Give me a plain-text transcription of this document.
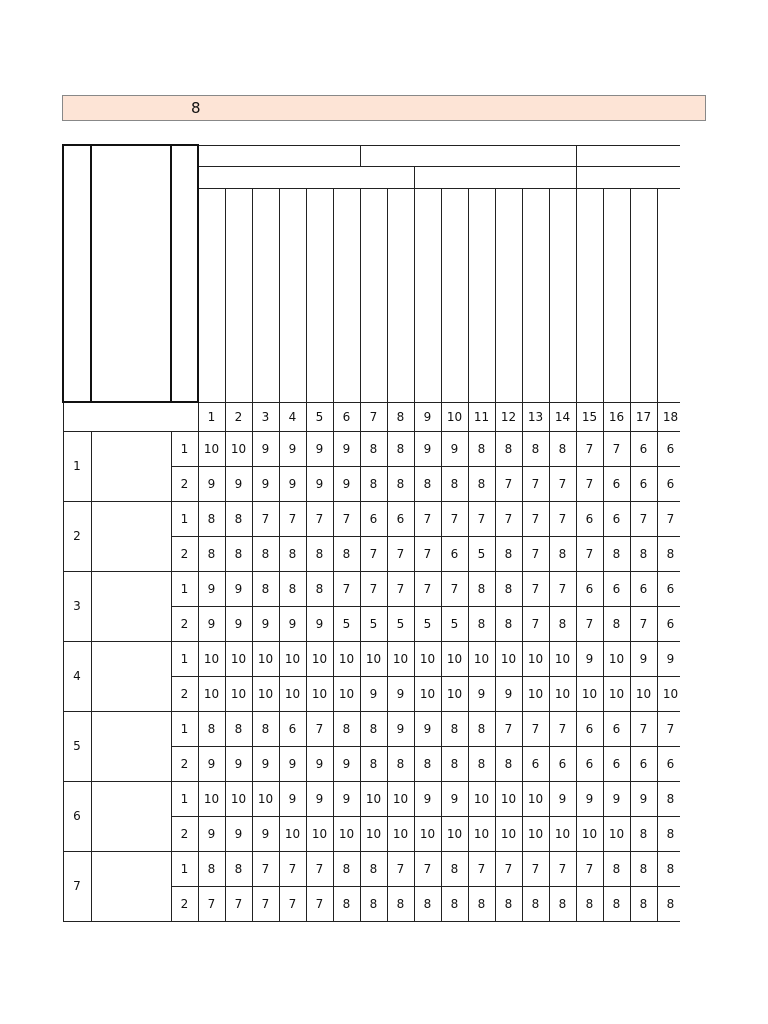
8

			1	2	3	4	5	6	7	8	9	10	11	12	13	14	15	16	17	18
1		1	10	10	9	9	9	9	8	8	9	9	8	8	8	8	7	7	6	6
		2	9	9	9	9	9	9	8	8	8	8	8	7	7	7	7	6	6	6
2		1	8	8	7	7	7	7	6	6	7	7	7	7	7	7	6	6	7	7
		2	8	8	8	8	8	8	7	7	7	6	5	8	7	8	7	8	8	8
3		1	9	9	8	8	8	7	7	7	7	7	8	8	7	7	6	6	6	6
		2	9	9	9	9	9	5	5	5	5	5	8	8	7	8	7	8	7	6
4		1	10	10	10	10	10	10	10	10	10	10	10	10	10	10	9	10	9	9
		2	10	10	10	10	10	10	9	9	10	10	9	9	10	10	10	10	10	10
5		1	8	8	8	6	7	8	8	9	9	8	8	7	7	7	6	6	7	7
		2	9	9	9	9	9	9	8	8	8	8	8	8	6	6	6	6	6	6
6		1	10	10	10	9	9	9	10	10	9	9	10	10	10	9	9	9	9	8
		2	9	9	9	10	10	10	10	10	10	10	10	10	10	10	10	10	8	8
7		1	8	8	7	7	7	8	8	7	7	8	7	7	7	7	7	8	8	8
		2	7	7	7	7	7	8	8	8	8	8	8	8	8	8	8	8	8	8
